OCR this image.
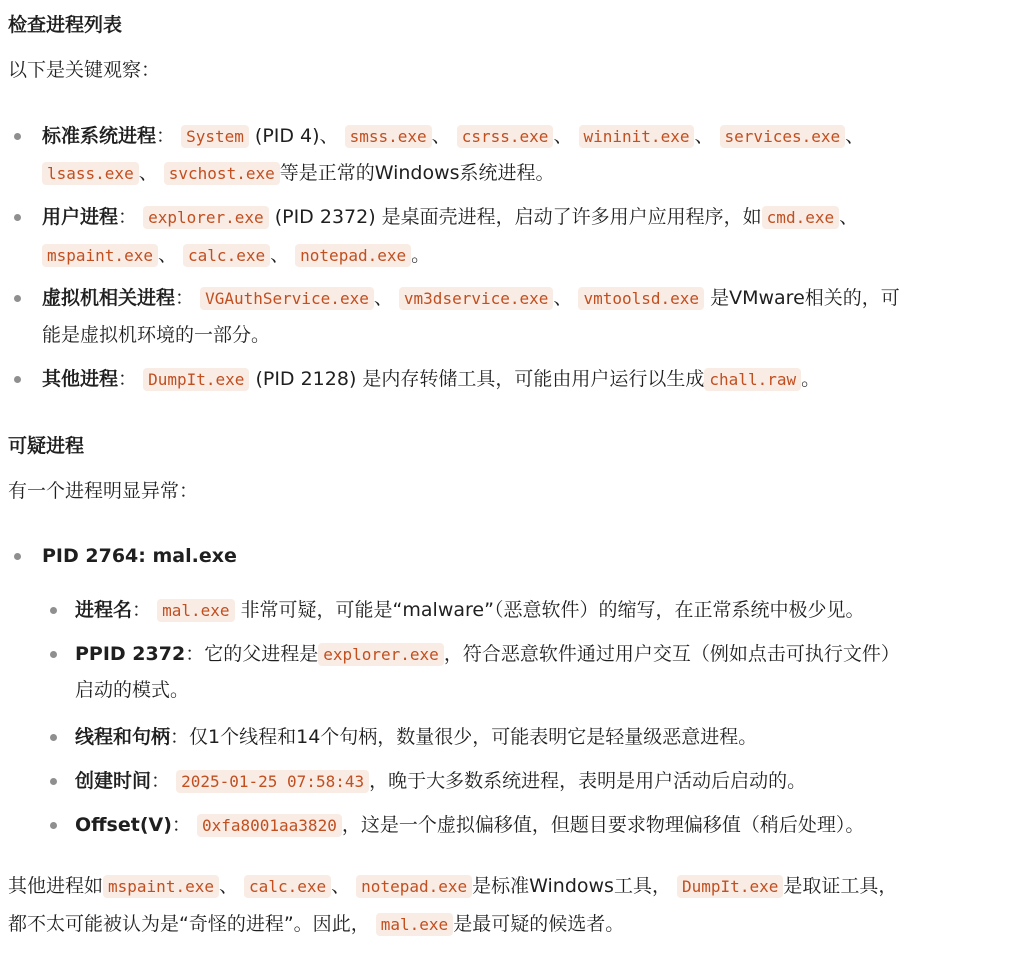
检查进程列表

以下是关键观察：

标准系统进程： System (PID 4)、 smss.exe 、 csrss.exe 、 wininit.exe 、 services.exe 、

lsass.exe 、 svchost.exe 等是正常的Windows系统进程。

用户进程： explorer.exe (PID 2372) 是桌面壳进程，启动了许多用户应用程序，如 cmd.exe 、

mspaint.exe 、 calc.exe 、 notepad.exe 。

虚拟机相关进程： VGAuthService.exe 、 vm3dservice.exe 、 vmtoolsd.exe 是VMware相关的，可

能是虚拟机环境的一部分。

其他进程： DumpIt.exe (PID 2128) 是内存转储工具，可能由用户运行以生成 chall.raw 。

可疑进程

有一个进程明显异常：

PID 2764: mal.exe

进程名： mal.exe 非常可疑，可能是“malware”（恶意软件）的缩写，在正常系统中极少见。

PPID 2372：它的父进程是 explorer.exe ，符合恶意软件通过用户交互（例如点击可执行文件）

启动的模式。

线程和句柄：仅1个线程和14个句柄，数量很少，可能表明它是轻量级恶意进程。

创建时间： 2025-01-25 07:58:43 ，晚于大多数系统进程，表明是用户活动后启动的。

Offset(V)： 0xfa8001aa3820 ，这是一个虚拟偏移值，但题目要求物理偏移值（稍后处理）。

其他进程如 mspaint.exe 、 calc.exe 、 notepad.exe 是标准Windows工具， DumpIt.exe 是取证工具，

都不太可能被认为是“奇怪的进程”。因此， mal.exe 是最可疑的候选者。
